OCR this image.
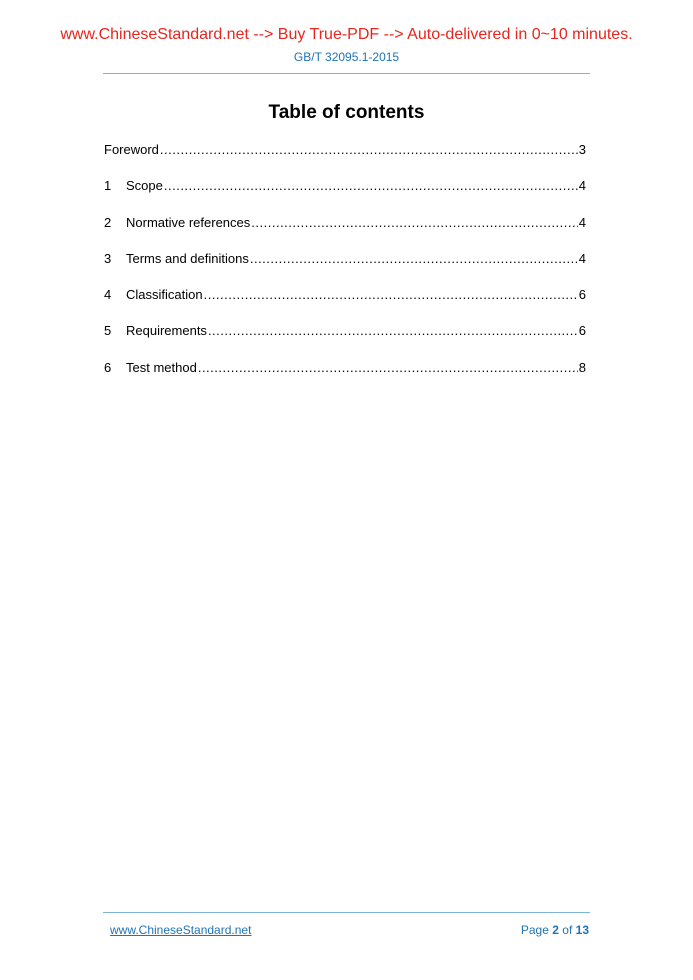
www.ChineseStandard.net --> Buy True-PDF --> Auto-delivered in 0~10 minutes.
GB/T 32095.1-2015
Table of contents
Foreword .....	3
1	Scope .....	4
2	Normative references .....	4
3	Terms and definitions .....	4
4	Classification .....	6
5	Requirements .....	6
6	Test method .....	8
www.ChineseStandard.net	Page 2 of 13
